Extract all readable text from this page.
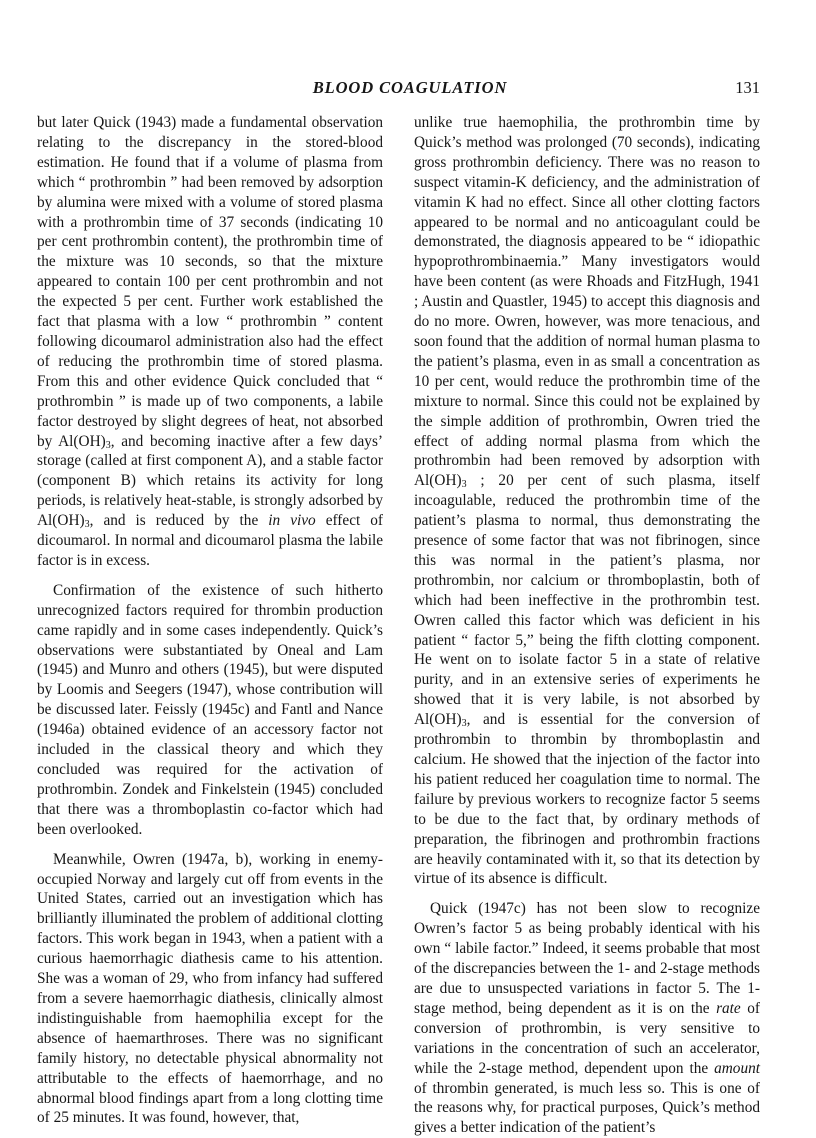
BLOOD COAGULATION	131

but later Quick (1943) made a fundamental observation relating to the discrepancy in the stored-blood estimation. He found that if a volume of plasma from which “ prothrombin ” had been removed by adsorption by alumina were mixed with a volume of stored plasma with a prothrombin time of 37 seconds (indicating 10 per cent prothrombin content), the prothrombin time of the mixture was 10 seconds, so that the mixture appeared to contain 100 per cent prothrombin and not the expected 5 per cent. Further work established the fact that plasma with a low “ prothrombin ” content following dicoumarol administration also had the effect of reducing the prothrombin time of stored plasma. From this and other evidence Quick concluded that “ prothrombin ” is made up of two components, a labile factor destroyed by slight degrees of heat, not absorbed by $Al(OH)_3$, and becoming inactive after a few days’ storage (called at first component A), and a stable factor (component B) which retains its activity for long periods, is relatively heat-stable, is strongly adsorbed by $Al(OH)_3$, and is reduced by the in vivo effect of dicoumarol. In normal and dicoumarol plasma the labile factor is in excess.

Confirmation of the existence of such hitherto unrecognized factors required for thrombin production came rapidly and in some cases independently. Quick’s observations were substantiated by Oneal and Lam (1945) and Munro and others (1945), but were disputed by Loomis and Seegers (1947), whose contribution will be discussed later. Feissly (1945c) and Fantl and Nance (1946a) obtained evidence of an accessory factor not included in the classical theory and which they concluded was required for the activation of prothrombin. Zondek and Finkelstein (1945) concluded that there was a thromboplastin co-factor which had been overlooked.

Meanwhile, Owren (1947a, b), working in enemy-occupied Norway and largely cut off from events in the United States, carried out an investigation which has brilliantly illuminated the problem of additional clotting factors. This work began in 1943, when a patient with a curious haemorrhagic diathesis came to his attention. She was a woman of 29, who from infancy had suffered from a severe haemorrhagic diathesis, clinically almost indistinguishable from haemophilia except for the absence of haemarthroses. There was no significant family history, no detectable physical abnormality not attributable to the effects of haemorrhage, and no abnormal blood findings apart from a long clotting time of 25 minutes. It was found, however, that,

unlike true haemophilia, the prothrombin time by Quick’s method was prolonged (70 seconds), indicating gross prothrombin deficiency. There was no reason to suspect vitamin-K deficiency, and the administration of vitamin K had no effect. Since all other clotting factors appeared to be normal and no anticoagulant could be demonstrated, the diagnosis appeared to be “ idiopathic hypoprothrombinaemia.” Many investigators would have been content (as were Rhoads and FitzHugh, 1941 ; Austin and Quastler, 1945) to accept this diagnosis and do no more. Owren, however, was more tenacious, and soon found that the addition of normal human plasma to the patient’s plasma, even in as small a concentration as 10 per cent, would reduce the prothrombin time of the mixture to normal. Since this could not be explained by the simple addition of prothrombin, Owren tried the effect of adding normal plasma from which the prothrombin had been removed by adsorption with $Al(OH)_3$ ; 20 per cent of such plasma, itself incoagulable, reduced the prothrombin time of the patient’s plasma to normal, thus demonstrating the presence of some factor that was not fibrinogen, since this was normal in the patient’s plasma, nor prothrombin, nor calcium or thromboplastin, both of which had been ineffective in the prothrombin test. Owren called this factor which was deficient in his patient “ factor 5,” being the fifth clotting component. He went on to isolate factor 5 in a state of relative purity, and in an extensive series of experiments he showed that it is very labile, is not absorbed by $Al(OH)_3$, and is essential for the conversion of prothrombin to thrombin by thromboplastin and calcium. He showed that the injection of the factor into his patient reduced her coagulation time to normal. The failure by previous workers to recognize factor 5 seems to be due to the fact that, by ordinary methods of preparation, the fibrinogen and prothrombin fractions are heavily contaminated with it, so that its detection by virtue of its absence is difficult.

Quick (1947c) has not been slow to recognize Owren’s factor 5 as being probably identical with his own “ labile factor.” Indeed, it seems probable that most of the discrepancies between the 1- and 2-stage methods are due to unsuspected variations in factor 5. The 1-stage method, being dependent as it is on the rate of conversion of prothrombin, is very sensitive to variations in the concentration of such an accelerator, while the 2-stage method, dependent upon the amount of thrombin generated, is much less so. This is one of the reasons why, for practical purposes, Quick’s method gives a better indication of the patient’s
